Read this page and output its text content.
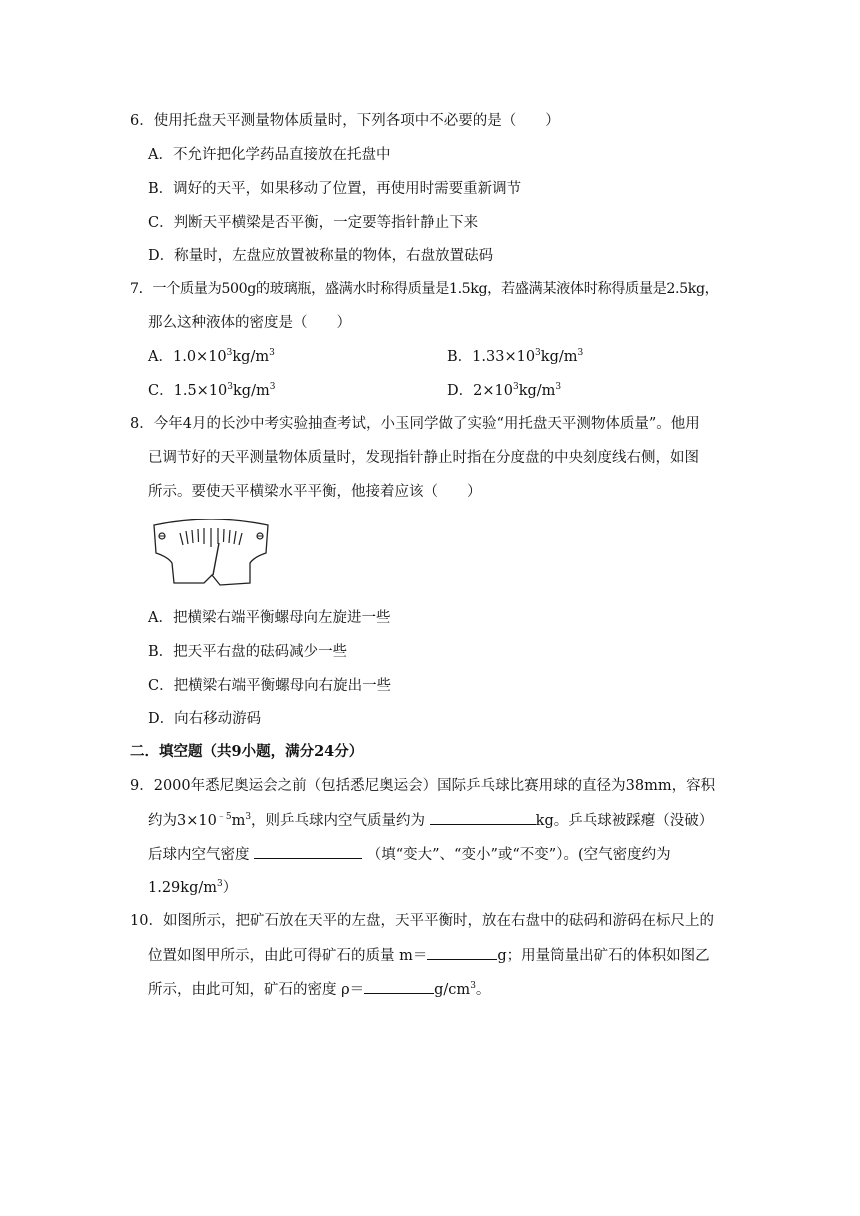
6．使用托盘天平测量物体质量时，下列各项中不必要的是（　　）
A．不允许把化学药品直接放在托盘中
B．调好的天平，如果移动了位置，再使用时需要重新调节
C．判断天平横梁是否平衡，一定要等指针静止下来
D．称量时，左盘应放置被称量的物体，右盘放置砝码
7．一个质量为500g的玻璃瓶，盛满水时称得质量是1.5kg，若盛满某液体时称得质量是2.5kg，
那么这种液体的密度是（　　）
A．$1.0\times 10^3kg/m^3$	B．$1.33\times 10^3kg/m^3$
C．$1.5\times 10^3kg/m^3$	D．$2\times 10^3kg/m^3$
8．今年4月的长沙中考实验抽查考试，小玉同学做了实验“用托盘天平测物体质量”。他用
已调节好的天平测量物体质量时，发现指针静止时指在分度盘的中央刻度线右侧，如图
所示。要使天平横梁水平平衡，他接着应该（　　）
A．把横梁右端平衡螺母向左旋进一些
B．把天平右盘的砝码减少一些
C．把横梁右端平衡螺母向右旋出一些
D．向右移动游码
二．填空题（共9小题，满分24分）
9．2000年悉尼奥运会之前（包括悉尼奥运会）国际乒乓球比赛用球的直径为38mm，容积
约为$3\times 10^{﹣5}m^3$，则乒乓球内空气质量约为	kg。乒乓球被踩瘪（没破）
后球内空气密度	（填“变大”、“变小”或“不变”）。(空气密度约为
$1.29kg/m^3$）
10．如图所示，把矿石放在天平的左盘，天平平衡时，放在右盘中的砝码和游码在标尺上的
位置如图甲所示，由此可得矿石的质量 m＝	g；用量筒量出矿石的体积如图乙
所示，由此可知，矿石的密度 ρ＝	$g/cm^3$。
